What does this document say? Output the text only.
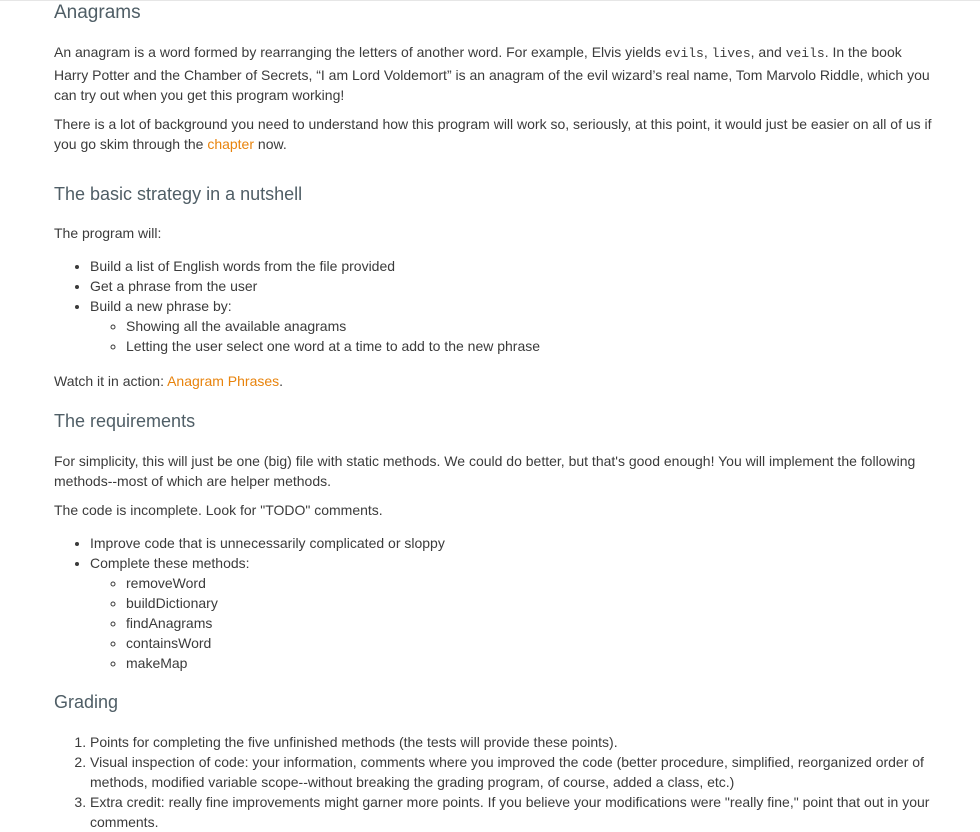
Anagrams

An anagram is a word formed by rearranging the letters of another word. For example, Elvis yields evils, lives, and veils. In the book Harry Potter and the Chamber of Secrets, “I am Lord Voldemort” is an anagram of the evil wizard’s real name, Tom Marvolo Riddle, which you can try out when you get this program working!

There is a lot of background you need to understand how this program will work so, seriously, at this point, it would just be easier on all of us if you go skim through the chapter now.

The basic strategy in a nutshell

The program will:

• Build a list of English words from the file provided
• Get a phrase from the user
• Build a new phrase by:
◦ Showing all the available anagrams
◦ Letting the user select one word at a time to add to the new phrase

Watch it in action: Anagram Phrases.

The requirements

For simplicity, this will just be one (big) file with static methods. We could do better, but that's good enough! You will implement the following methods--most of which are helper methods.

The code is incomplete. Look for "TODO" comments.

• Improve code that is unnecessarily complicated or sloppy
• Complete these methods:
◦ removeWord
◦ buildDictionary
◦ findAnagrams
◦ containsWord
◦ makeMap
Grading
1. Points for completing the five unfinished methods (the tests will provide these points).
2. Visual inspection of code: your information, comments where you improved the code (better procedure, simplified, reorganized order of methods, modified variable scope--without breaking the grading program, of course, added a class, etc.)
3. Extra credit: really fine improvements might garner more points. If you believe your modifications were "really fine," point that out in your comments.
